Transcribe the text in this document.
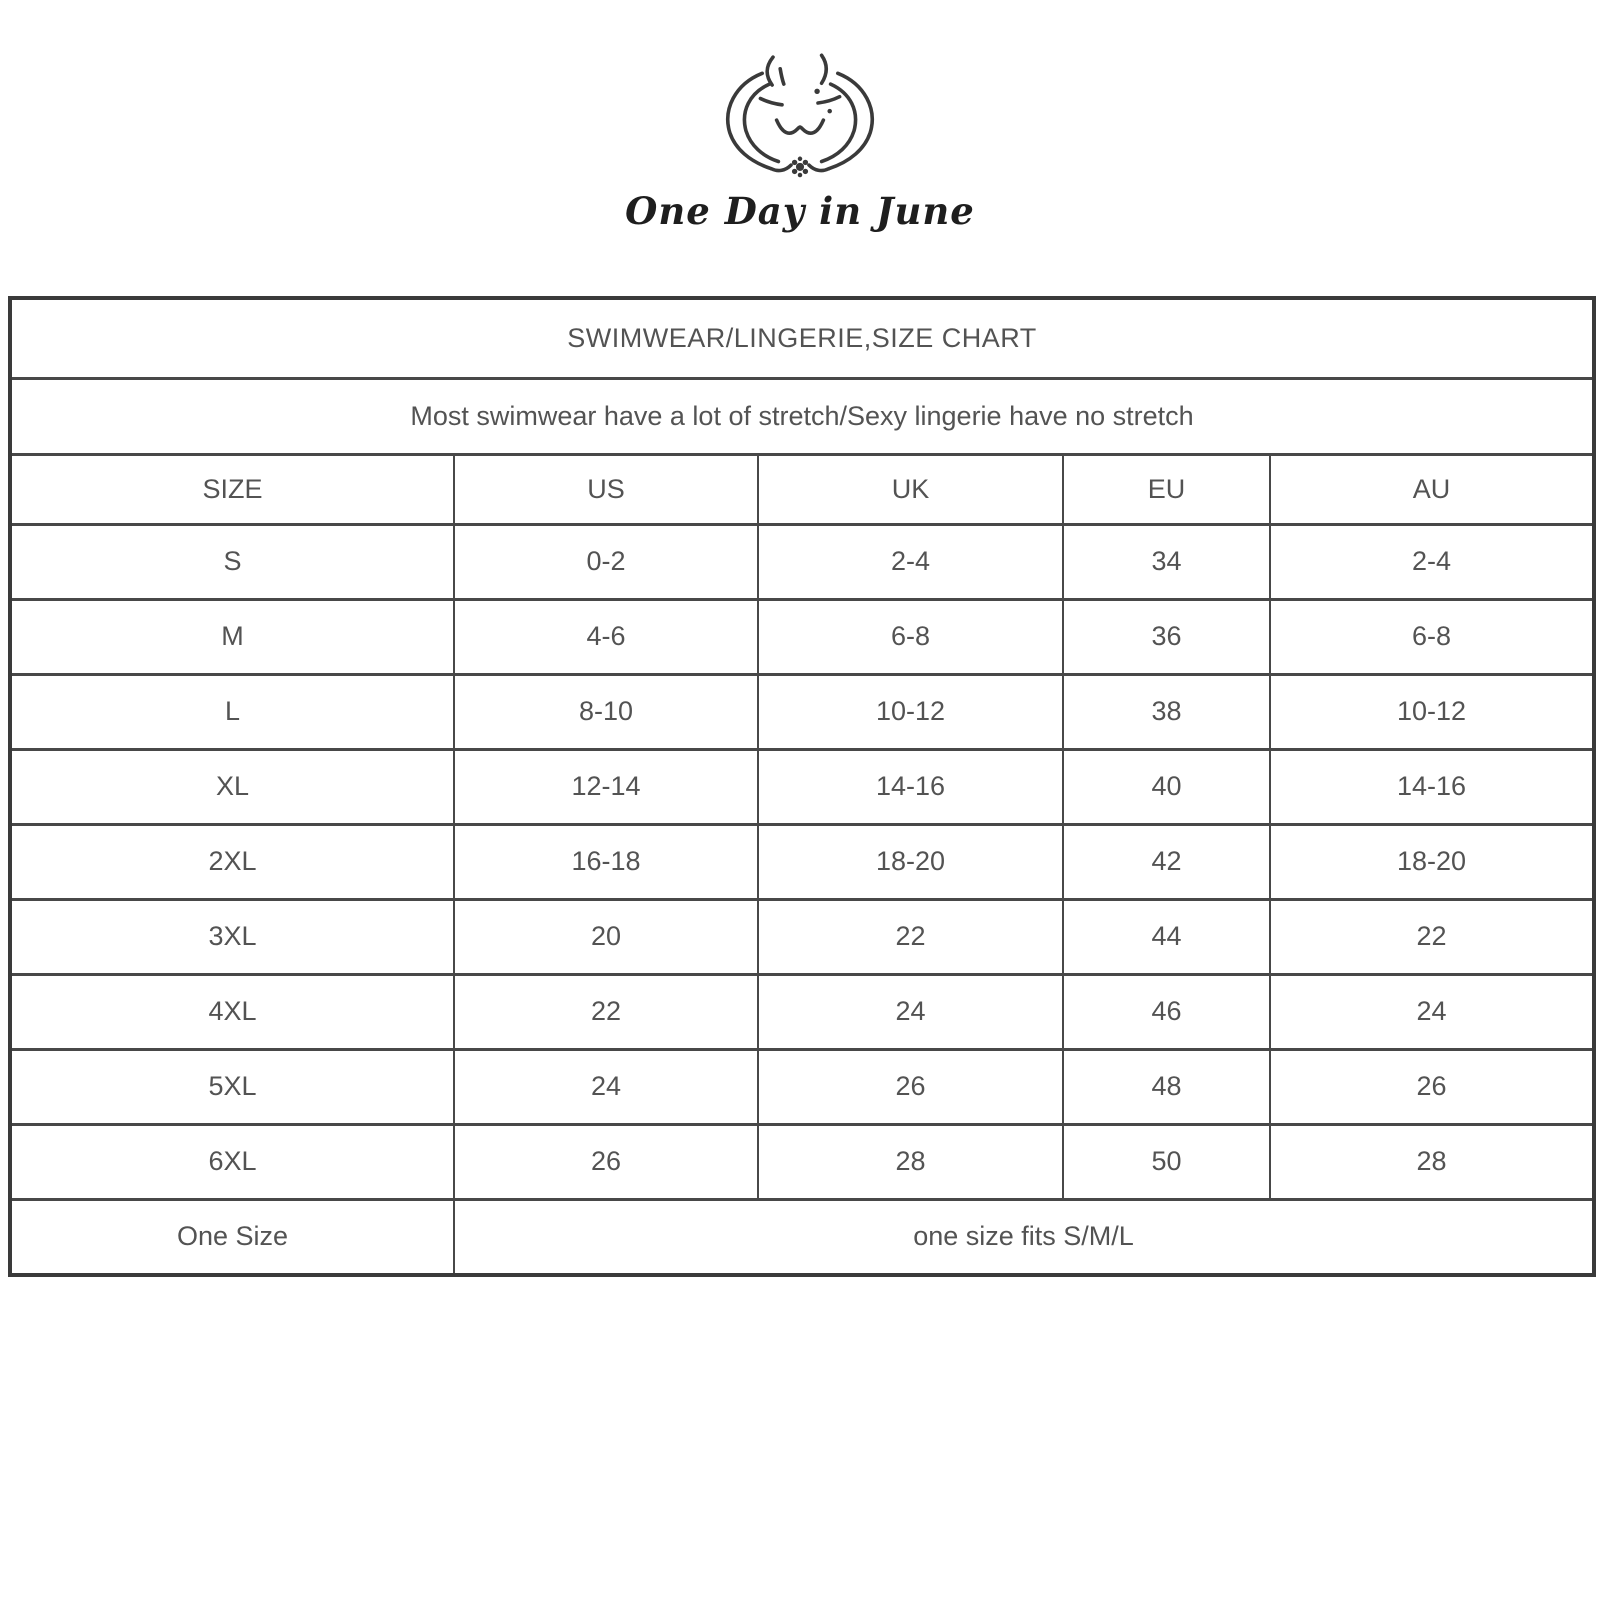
One Day in June
SWIMWEAR/LINGERIE,SIZE CHART				
Most swimwear have a lot of stretch/Sexy lingerie have no stretch				
SIZE	US	UK	EU	AU
S	0-2	2-4	34	2-4
M	4-6	6-8	36	6-8
L	8-10	10-12	38	10-12
XL	12-14	14-16	40	14-16
2XL	16-18	18-20	42	18-20
3XL	20	22	44	22
4XL	22	24	46	24
5XL	24	26	48	26
6XL	26	28	50	28
One Size	one size fits S/M/L			
